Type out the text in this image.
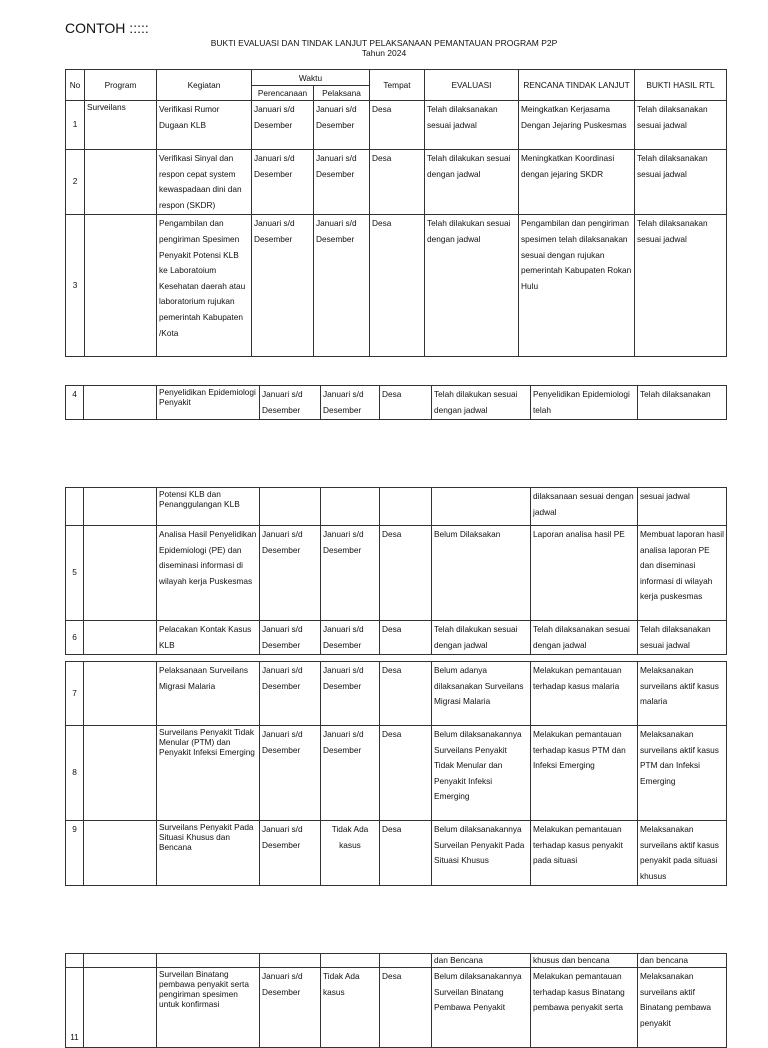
CONTOH :::::
BUKTI EVALUASI DAN TINDAK LANJUT PELAKSANAAN PEMANTAUAN PROGRAM P2P
Tahun 2024
No	Program	Kegiatan	Waktu		Tempat	EVALUASI	RENCANA TINDAK LANJUT	BUKTI HASIL RTL
			Perencanaan	Pelaksana				
1	Surveilans	Verifikasi Rumor Dugaan KLB	Januari s/d Desember	Januari s/d Desember	Desa	Telah dilaksanakan sesuai jadwal	Meingkatkan Kerjasama Dengan Jejaring Puskesmas	Telah dilaksanakan sesuai jadwal
2		Verifikasi Sinyal dan respon cepat system kewaspadaan dini dan respon (SKDR)	Januari s/d Desember	Januari s/d Desember	Desa	Telah dilakukan sesuai dengan jadwal	Meningkatkan Koordinasi dengan jejaring SKDR	Telah dilaksanakan sesuai jadwal
3		Pengambilan dan pengiriman Spesimen Penyakit Potensi KLB ke Laboratoium Kesehatan daerah atau laboratorium rujukan pemerintah Kabupaten /Kota	Januari s/d Desember	Januari s/d Desember	Desa	Telah dilakukan sesuai dengan jadwal	Pengambilan dan pengiriman spesimen telah dilaksanakan sesuai dengan rujukan pemerintah Kabupaten Rokan Hulu	Telah dilaksanakan sesuai jadwal
4		Penyelidikan Epidemiologi Penyakit	Januari s/d Desember	Januari s/d Desember	Desa	Telah dilakukan sesuai dengan jadwal	Penyelidikan Epidemiologi telah	Telah dilaksanakan
		Potensi KLB dan Penanggulangan KLB					dilaksanaan sesuai dengan jadwal	sesuai jadwal
5		Analisa Hasil Penyelidikan Epidemiologi (PE) dan diseminasi informasi di wilayah kerja Puskesmas	Januari s/d Desember	Januari s/d Desember	Desa	Belum Dilaksakan	Laporan analisa hasil PE	Membuat laporan hasil analisa laporan PE dan diseminasi informasi di wilayah kerja puskesmas
6		Pelacakan Kontak Kasus KLB	Januari s/d Desember	Januari s/d Desember	Desa	Telah dilakukan sesuai dengan jadwal	Telah dilaksanakan sesuai dengan jadwal	Telah dilaksanakan sesuai jadwal
7		Pelaksanaan Surveilans Migrasi Malaria	Januari s/d Desember	Januari s/d Desember	Desa	Belum adanya dilaksanakan Surveilans Migrasi Malaria	Melakukan pemantauan terhadap kasus malaria	Melaksanakan surveilans aktif kasus malaria
8		Surveilans Penyakit Tidak Menular (PTM) dan Penyakit Infeksi Emerging	Januari s/d Desember	Januari s/d Desember	Desa	Belum dilaksanakannya Surveilans Penyakit Tidak Menular dan Penyakit Infeksi Emerging	Melakukan pemantauan terhadap kasus PTM dan Infeksi Emerging	Melaksanakan surveilans aktif kasus PTM dan Infeksi Emerging
9		Surveilans Penyakit Pada Situasi Khusus dan Bencana	Januari s/d Desember	Tidak Ada kasus	Desa	Belum dilaksanakannya Surveilan Penyakit Pada Situasi Khusus	Melakukan pemantauan terhadap kasus penyakit pada situasi	Melaksanakan surveilans aktif kasus penyakit pada situasi khusus
						dan Bencana	khusus dan bencana	dan bencana
11		Surveilan Binatang pembawa penyakit serta pengiriman spesimen untuk konfirmasi	Januari s/d Desember	Tidak Ada kasus	Desa	Belum dilaksanakannya Surveilan Binatang Pembawa Penyakit	Melakukan pemantauan terhadap kasus Binatang pembawa penyakit serta	Melaksanakan surveilans aktif Binatang pembawa penyakit
